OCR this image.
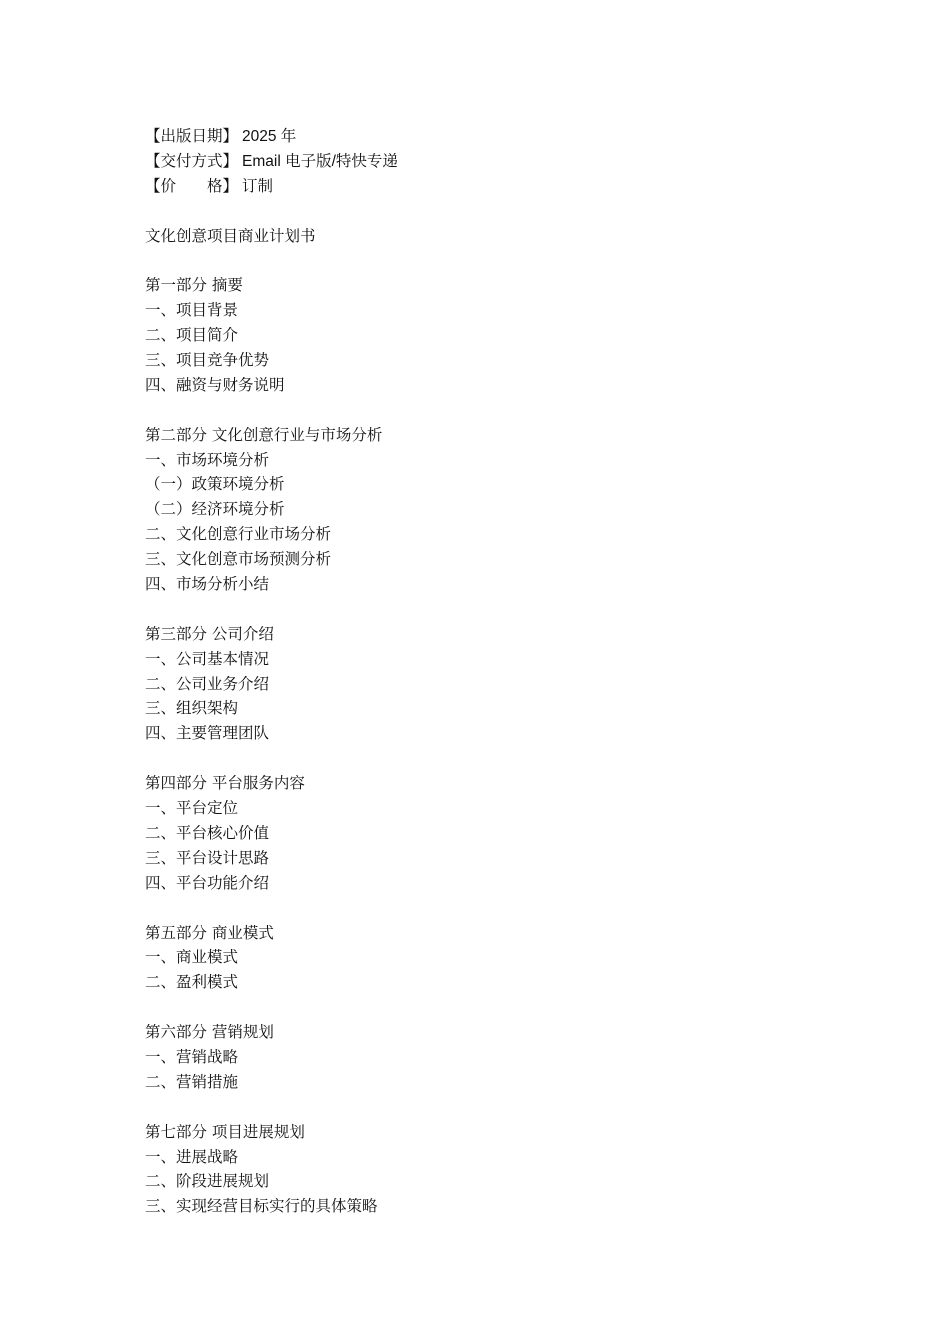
【出版日期】 2025 年
【交付方式】 Email 电子版/特快专递
【价　　格】 订制
文化创意项目商业计划书
第一部分 摘要
一、项目背景
二、项目简介
三、项目竞争优势
四、融资与财务说明
第二部分 文化创意行业与市场分析
一、市场环境分析
（一）政策环境分析
（二）经济环境分析
二、文化创意行业市场分析
三、文化创意市场预测分析
四、市场分析小结
第三部分 公司介绍
一、公司基本情况
二、公司业务介绍
三、组织架构
四、主要管理团队
第四部分 平台服务内容
一、平台定位
二、平台核心价值
三、平台设计思路
四、平台功能介绍
第五部分 商业模式
一、商业模式
二、盈利模式
第六部分 营销规划
一、营销战略
二、营销措施
第七部分 项目进展规划
一、进展战略
二、阶段进展规划
三、实现经营目标实行的具体策略
